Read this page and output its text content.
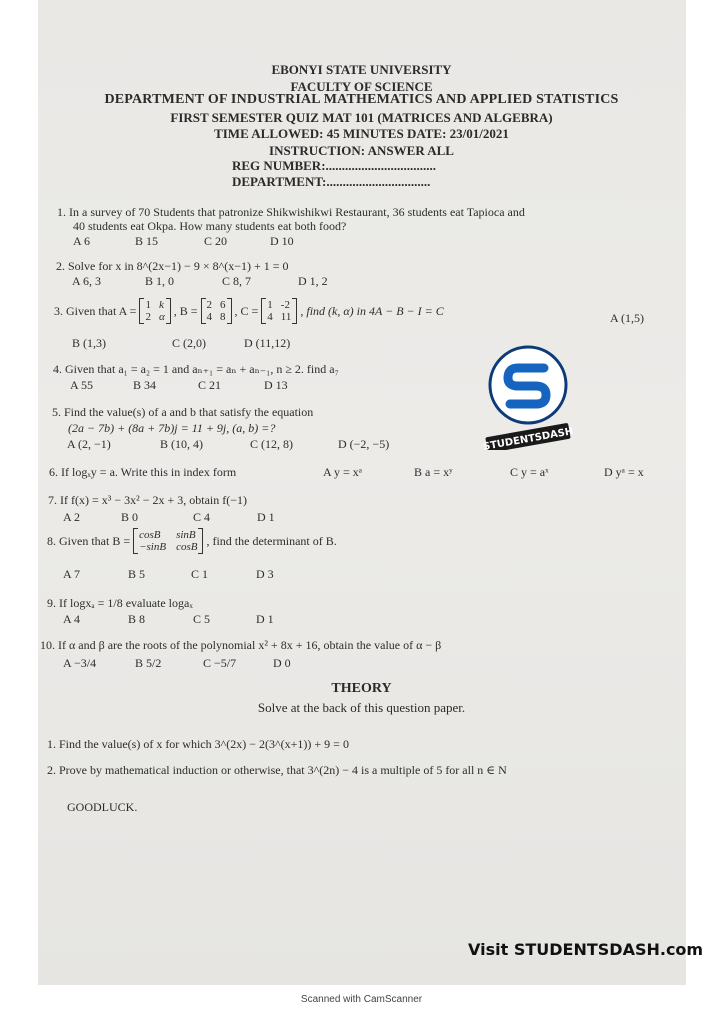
EBONYI STATE UNIVERSITY
FACULTY OF SCIENCE
DEPARTMENT OF INDUSTRIAL MATHEMATICS AND APPLIED STATISTICS
FIRST SEMESTER QUIZ MAT 101 (MATRICES AND ALGEBRA)
TIME ALLOWED: 45 MINUTES DATE: 23/01/2021
INSTRUCTION: ANSWER ALL
REG NUMBER:..................................
DEPARTMENT:................................
1. In a survey of 70 Students that patronize Shikwishikwi Restaurant, 36 students eat Tapioca and
40 students eat Okpa. How many students eat both food?
A 6	B 15	C 20	D 10
2. Solve for x in 8^(2x−1) − 9 × 8^(x−1) + 1 = 0
A 6, 3	B 1, 0	C 8, 7	D 1, 2
3. Given that A = 1 k
2 α , B = 2 6
4 8 , C = 1 -2
4 11 , find (k, α) in 4A − B − I = C
A (1,5)
B (1,3)	C (2,0)	D (11,12)
4. Given that a₁ = a₂ = 1 and aₙ₊₁ = aₙ + aₙ₋₁, n ≥ 2. find a₇
A 55	B 34	C 21	D 13
5. Find the value(s) of a and b that satisfy the equation
(2a − 7b) + (8a + 7b)j = 11 + 9j, (a, b) =?
A (2, −1)	B (10, 4)	C (12, 8)	D (−2, −5)
6. If logₓy = a. Write this in index form	A y = xᵃ	B a = xʸ	C y = aˣ	D yᵃ = x
7. If f(x) = x³ − 3x² − 2x + 3, obtain f(−1)
A 2	B 0	C 4	D 1
8. Given that B = cosB	sinB
−sinB cosB , find the determinant of B.
A 7	B 5	C 1	D 3
9. If logxₐ = 1/8 evaluate logaₓ
A 4	B 8	C 5	D 1
10. If α and β are the roots of the polynomial x² + 8x + 16, obtain the value of α − β
A −3/4	B 5/2	C −5/7	D 0
THEORY
Solve at the back of this question paper.
1. Find the value(s) of x for which 3^(2x) − 2(3^(x+1)) + 9 = 0
2. Prove by mathematical induction or otherwise, that 3^(2n) − 4 is a multiple of 5 for all n ∈ N
GOODLUCK.
STUDENTSDASH
Visit STUDENTSDASH.com
Scanned with CamScanner
